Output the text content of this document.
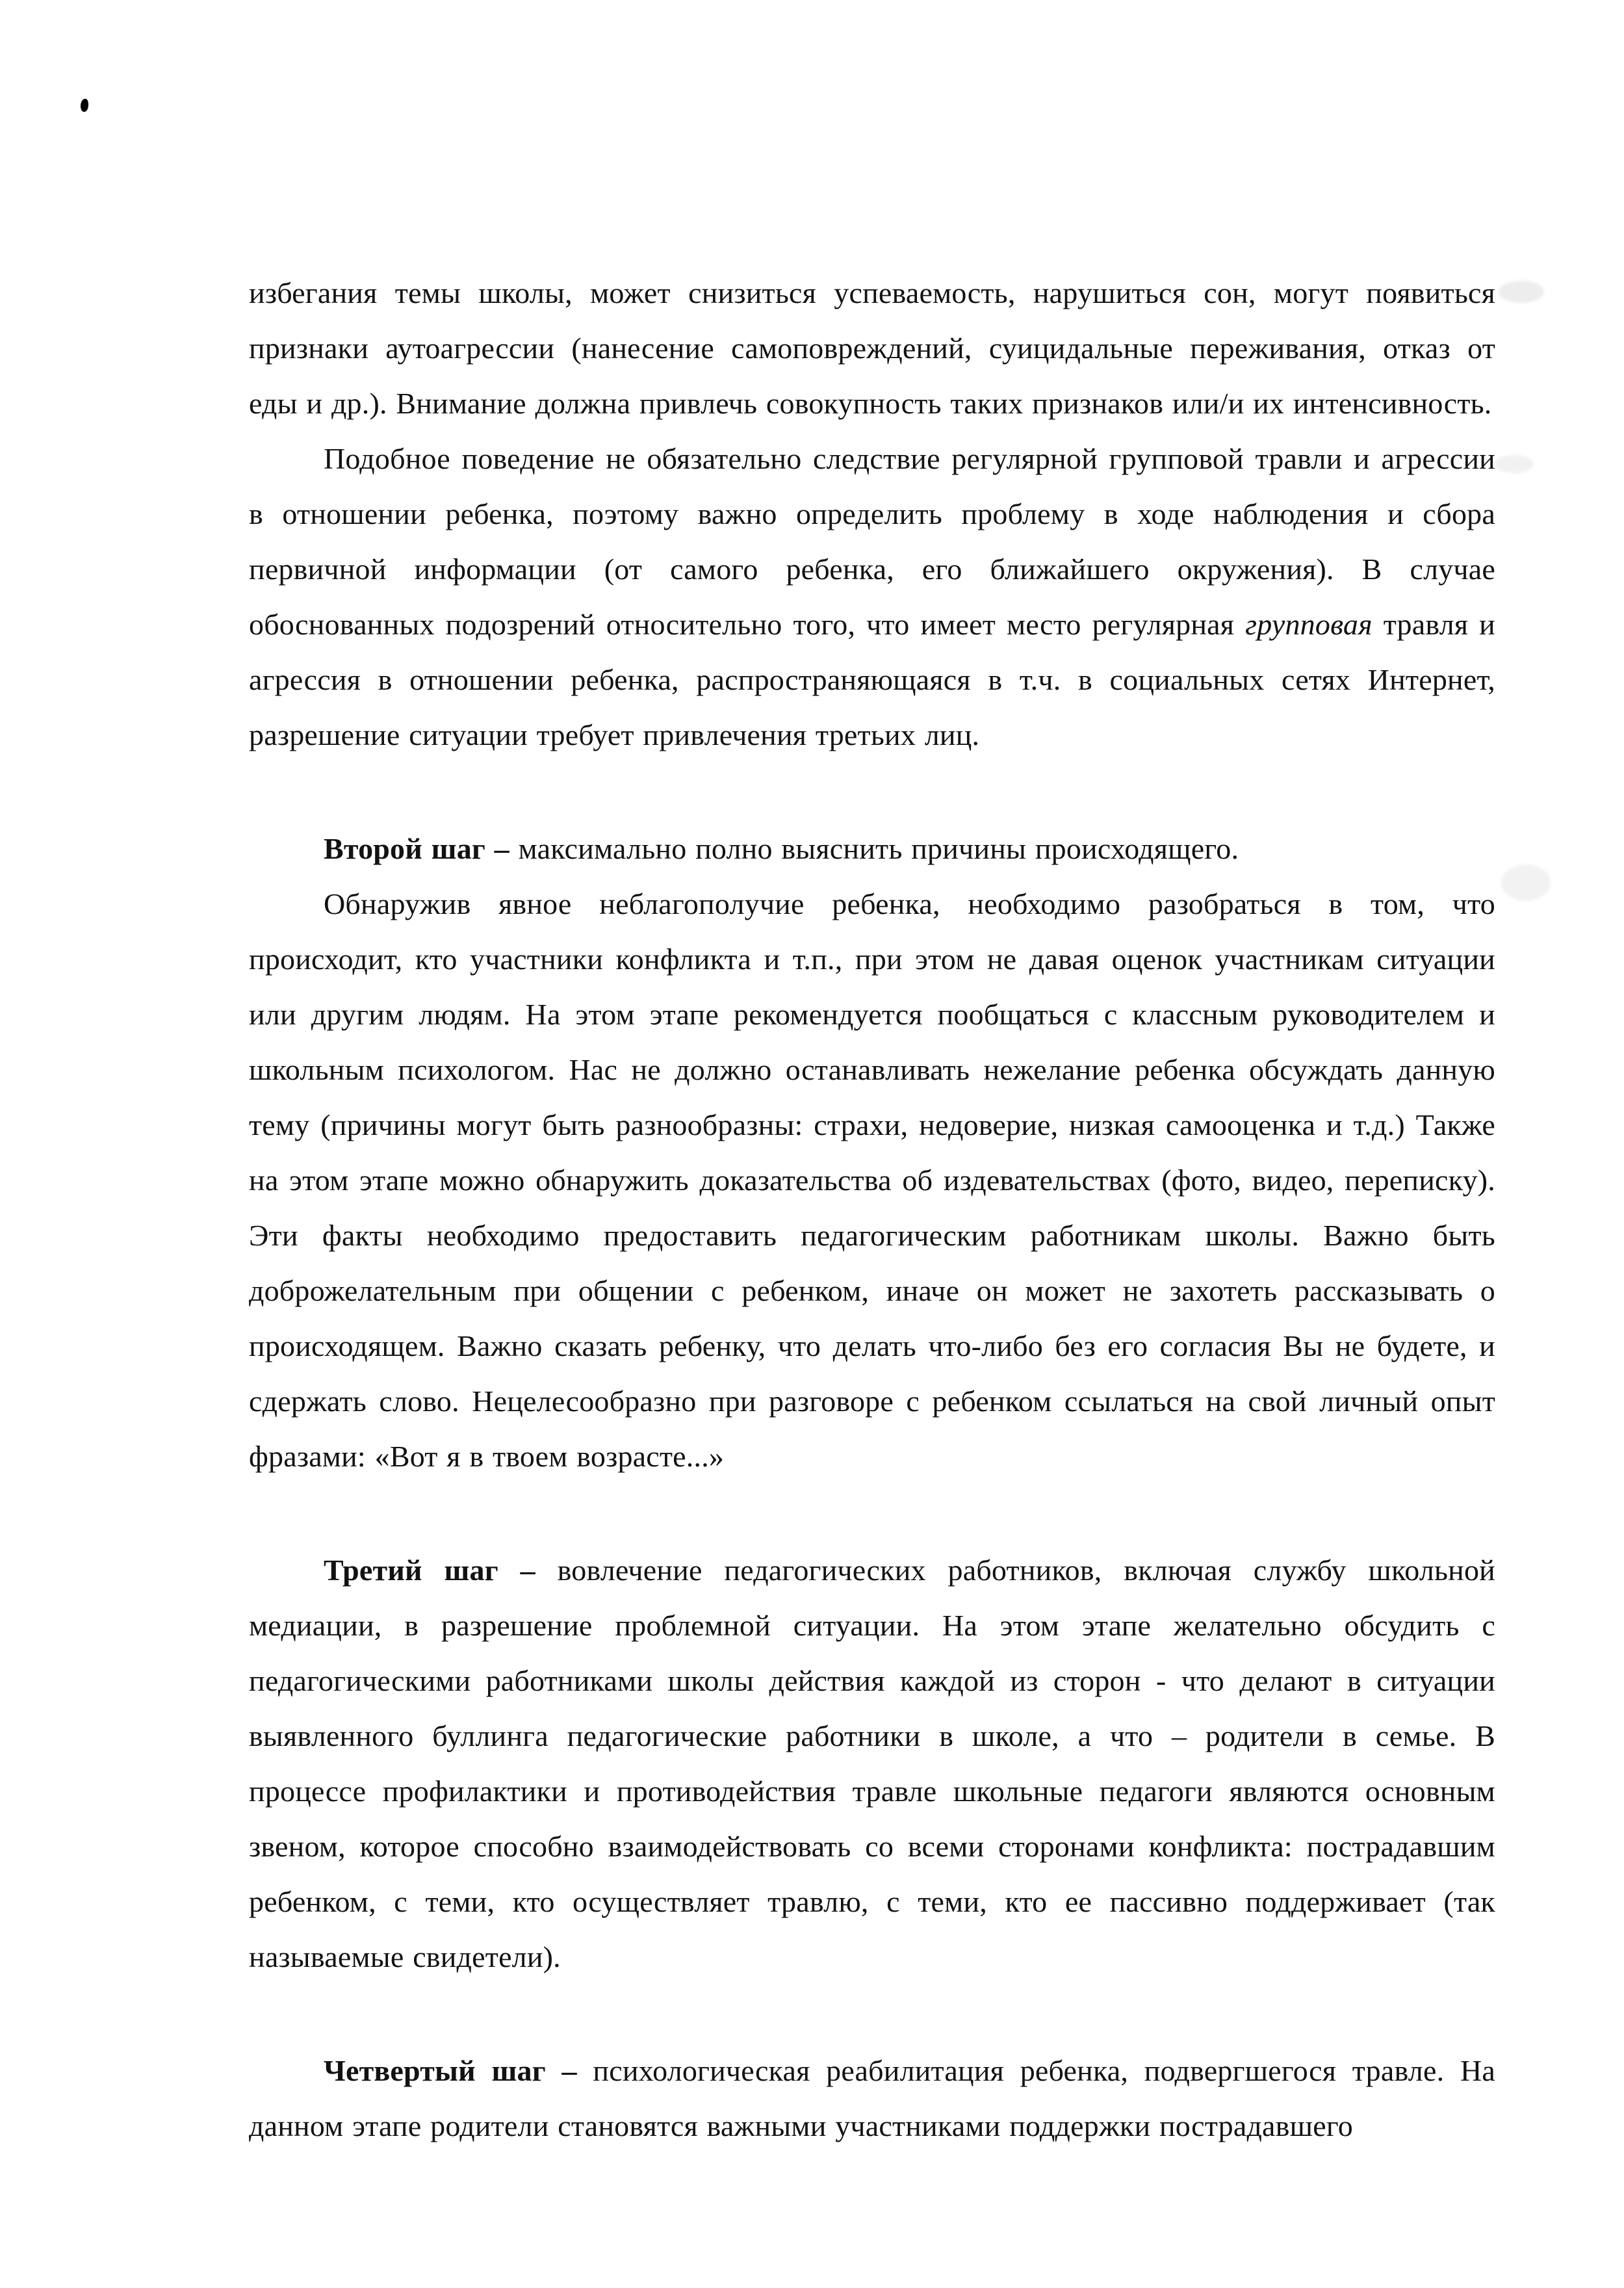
избегания темы школы, может снизиться успеваемость, нарушиться сон, могут появиться признаки аутоагрессии (нанесение самоповреждений, суицидальные переживания, отказ от еды и др.). Внимание должна привлечь совокупность таких признаков или/и их интенсивность.

Подобное поведение не обязательно следствие регулярной групповой травли и агрессии в отношении ребенка, поэтому важно определить проблему в ходе наблюдения и сбора первичной информации (от самого ребенка, его ближайшего окружения). В случае обоснованных подозрений относительно того, что имеет место регулярная групповая травля и агрессия в отношении ребенка, распространяющаяся в т.ч. в социальных сетях Интернет, разрешение ситуации требует привлечения третьих лиц.

Второй шаг – максимально полно выяснить причины происходящего.

Обнаружив явное неблагополучие ребенка, необходимо разобраться в том, что происходит, кто участники конфликта и т.п., при этом не давая оценок участникам ситуации или другим людям. На этом этапе рекомендуется пообщаться с классным руководителем и школьным психологом. Нас не должно останавливать нежелание ребенка обсуждать данную тему (причины могут быть разнообразны: страхи, недоверие, низкая самооценка и т.д.) Также на этом этапе можно обнаружить доказательства об издевательствах (фото, видео, переписку). Эти факты необходимо предоставить педагогическим работникам школы. Важно быть доброжелательным при общении с ребенком, иначе он может не захотеть рассказывать о происходящем. Важно сказать ребенку, что делать что-либо без его согласия Вы не будете, и сдержать слово. Нецелесообразно при разговоре с ребенком ссылаться на свой личный опыт фразами: «Вот я в твоем возрасте...»

Третий шаг – вовлечение педагогических работников, включая службу школьной медиации, в разрешение проблемной ситуации. На этом этапе желательно обсудить с педагогическими работниками школы действия каждой из сторон - что делают в ситуации выявленного буллинга педагогические работники в школе, а что – родители в семье. В процессе профилактики и противодействия травле школьные педагоги являются основным звеном, которое способно взаимодействовать со всеми сторонами конфликта: пострадавшим ребенком, с теми, кто осуществляет травлю, с теми, кто ее пассивно поддерживает (так называемые свидетели).

Четвертый шаг – психологическая реабилитация ребенка, подвергшегося травле. На данном этапе родители становятся важными участниками поддержки пострадавшего
